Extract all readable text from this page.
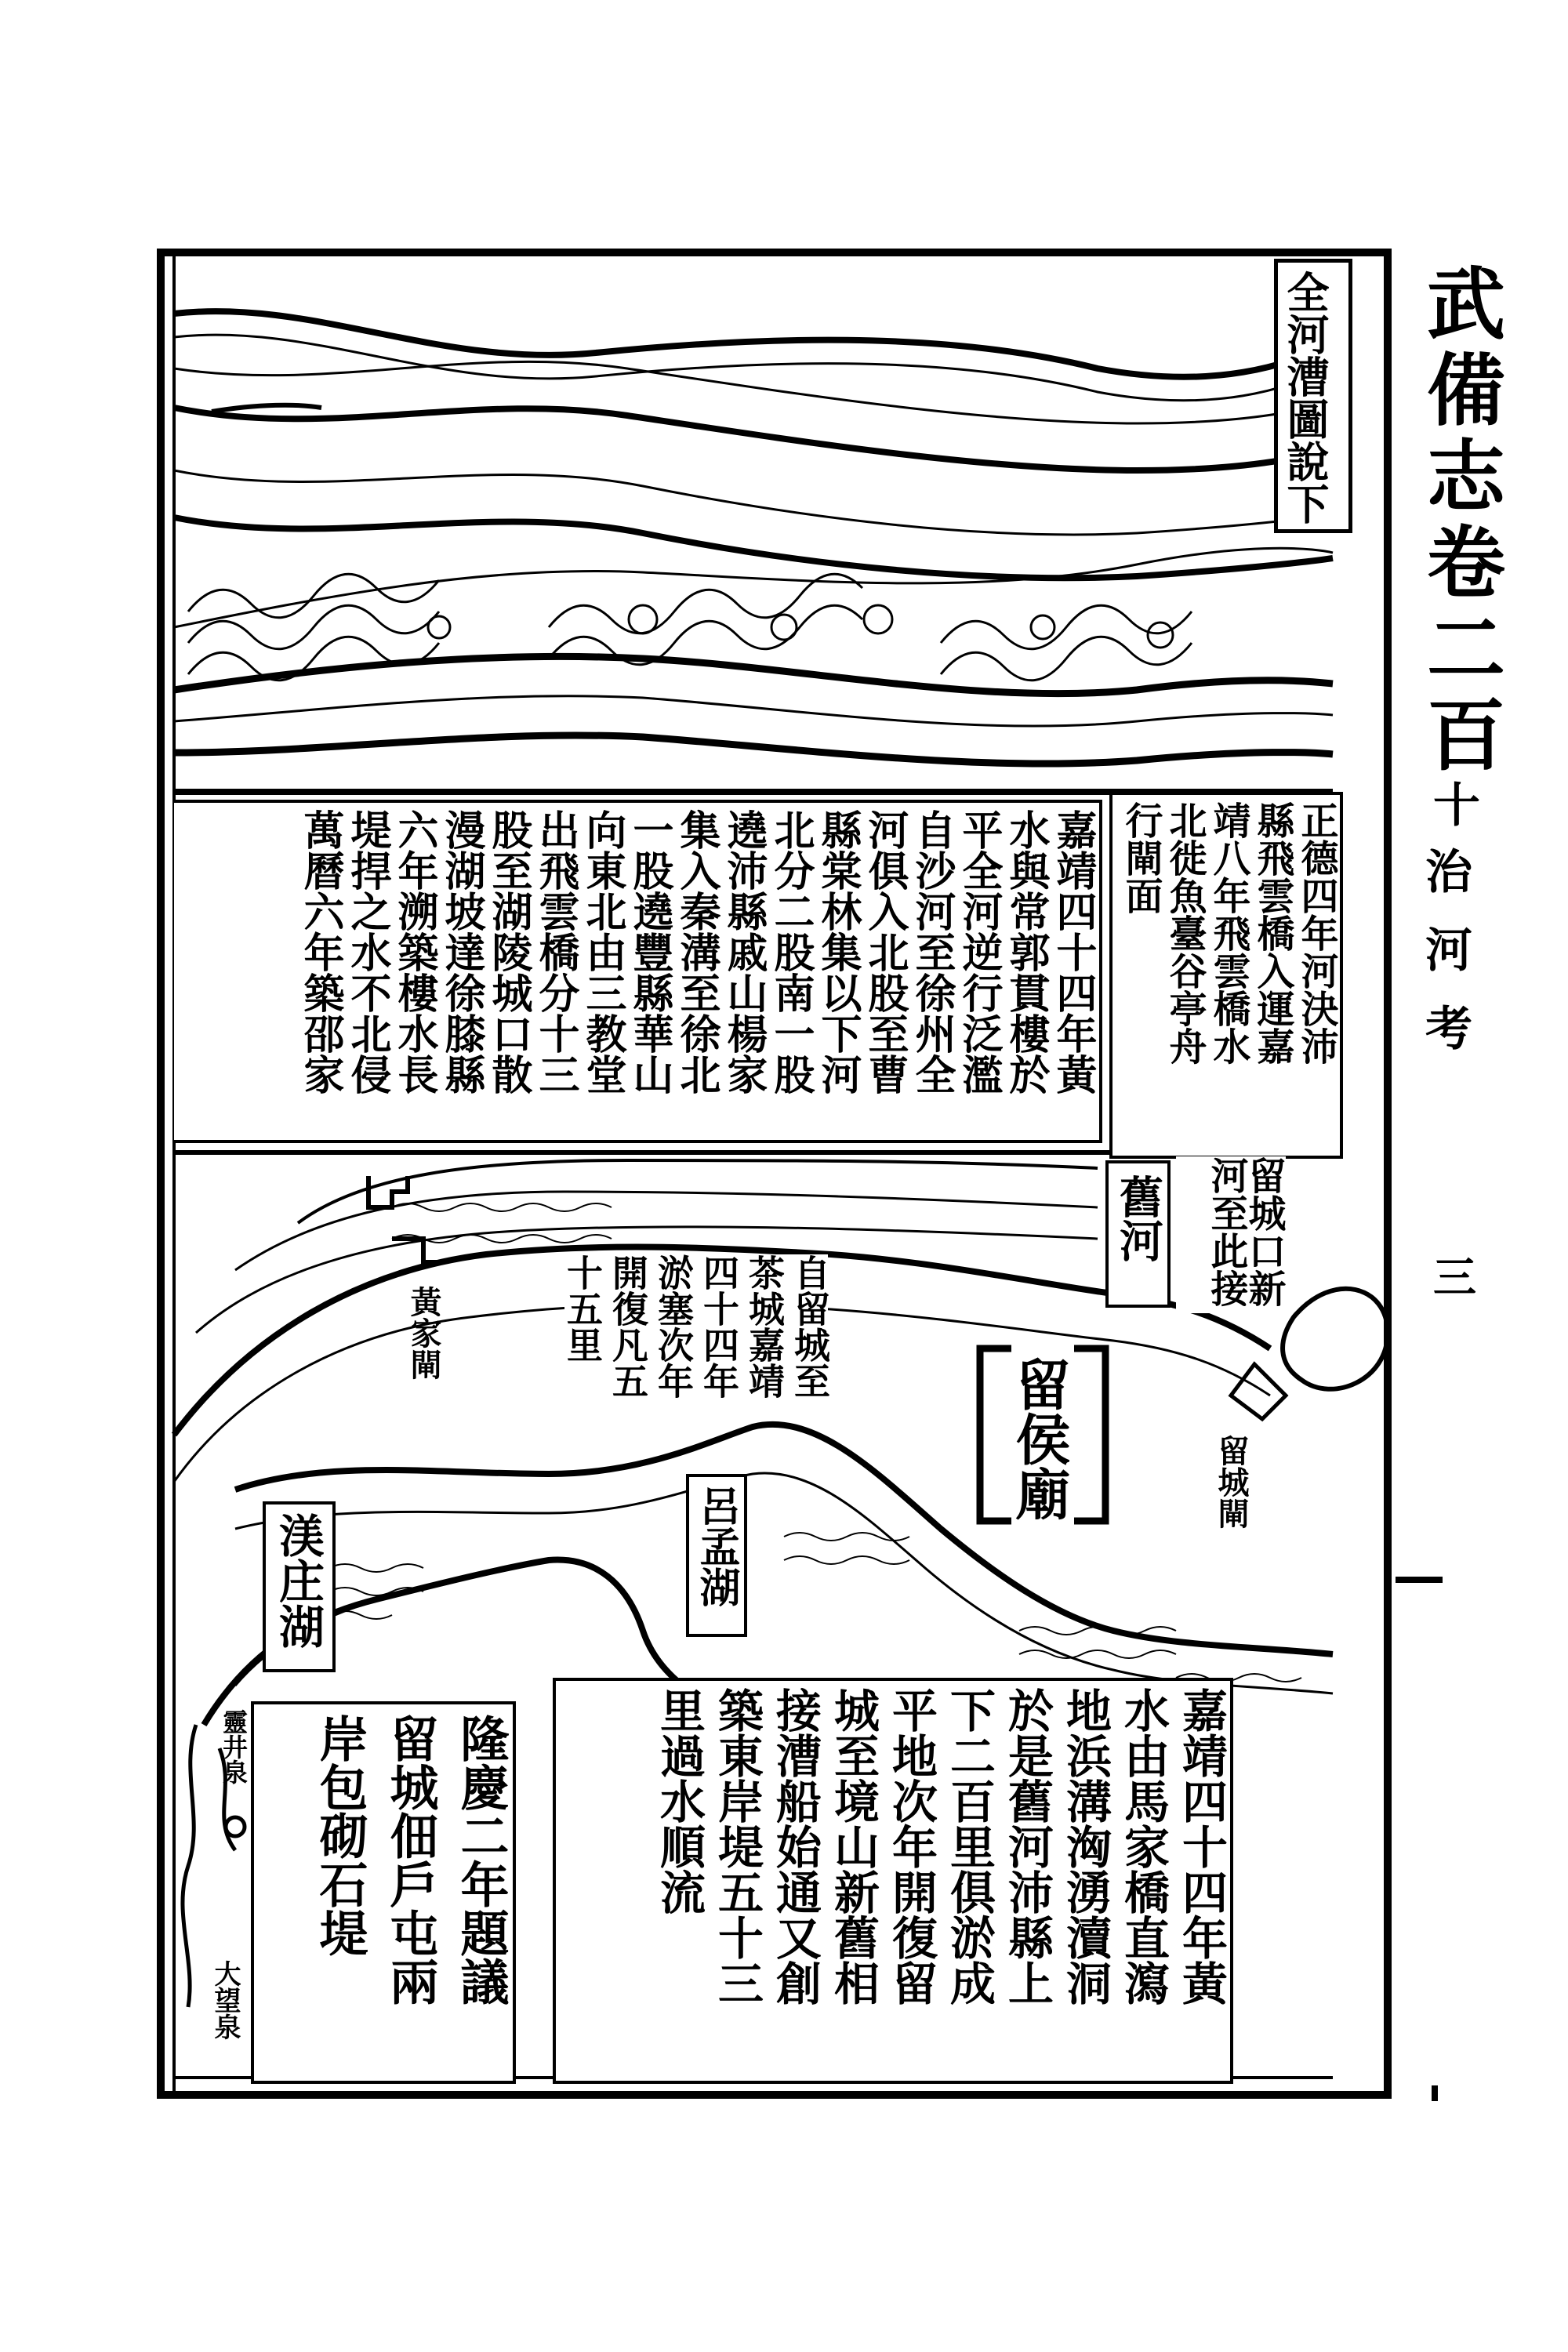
武備志卷二百
十
治河考
三
全河漕圖說下
正德四年河決沛
縣飛雲橋入運嘉
靖八年飛雲橋水
北徙魚臺谷亭舟
行閘面
嘉靖四十四年黃
水與常郭貫樓於
平全河逆行泛濫
自沙河至徐州全
河俱入北股至曹
縣棠林集以下河
北分二股南一股
遶沛縣戚山楊家
集入秦溝至徐北
一股遶豐縣華山
向東北由三教堂
出飛雲橋分十三
股至湖陵城口散
漫湖坡達徐膝縣
六年溯築樓水長
堤捍之水不北侵
萬曆六年築邵家
舊河	留城口新河至此接
自留城至
茶城嘉靖
四十四年
淤塞次年
開復凡五
十五里
黃家閘
留城閘
留侯廟
呂孟湖
渼庄湖
靈井泉
大望泉	嘉靖四十四年黃
水由馬家橋直瀉
地浜溝洶湧瀆洞
於是舊河沛縣上
下二百里俱淤成
平地次年開復留
城至境山新舊相
接漕船始通又創
築東岸堤五十三
里過水順流
隆慶二年題議
留城佃戶屯兩
岸包砌石堤
